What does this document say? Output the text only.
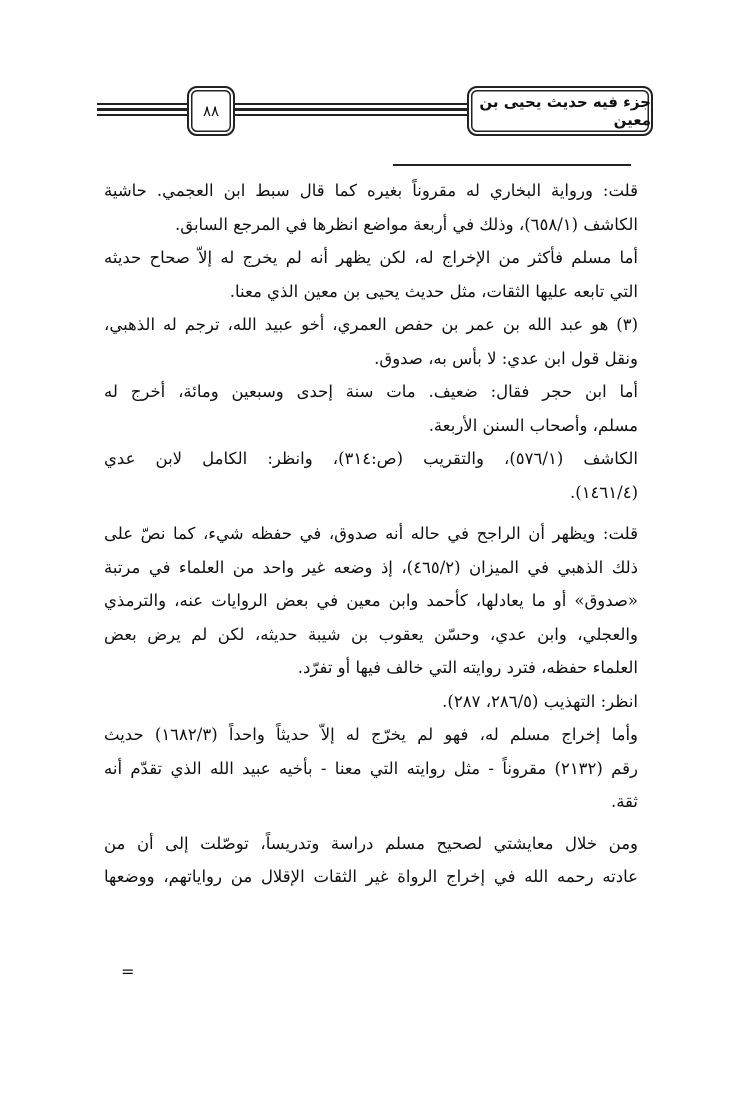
جزء فيه حديث يحيى بن معين
٨٨
قلت: ورواية البخاري له مقروناً بغيره كما قال سبط ابن العجمي. حاشية
الكاشف (٦٥٨/١)، وذلك في أربعة مواضع انظرها في المرجع السابق.
أما مسلم فأكثر من الإخراج له، لكن يظهر أنه لم يخرج له إلاّ صحاح حديثه
التي تابعه عليها الثقات، مثل حديث يحيى بن معين الذي معنا.
(٣) هو عبد الله بن عمر بن حفص العمري، أخو عبيد الله، ترجم له الذهبي،
ونقل قول ابن عدي: لا بأس به، صدوق.
أما ابن حجر فقال: ضعيف. مات سنة إحدى وسبعين ومائة، أخرج له
مسلم، وأصحاب السنن الأربعة.
الكاشف (٥٧٦/١)، والتقريب (ص:٣١٤)، وانظر: الكامل لابن عدي
(١٤٦١/٤).
قلت: ويظهر أن الراجح في حاله أنه صدوق، في حفظه شيء، كما نصّ على
ذلك الذهبي في الميزان (٤٦٥/٢)، إذ وضعه غير واحد من العلماء في مرتبة
«صدوق» أو ما يعادلها، كأحمد وابن معين في بعض الروايات عنه، والترمذي
والعجلي، وابن عدي، وحسّن يعقوب بن شيبة حديثه، لكن لم يرض بعض
العلماء حفظه، فترد روايته التي خالف فيها أو تفرّد.
انظر: التهذيب (٢٨٦/٥، ٢٨٧).
وأما إخراج مسلم له، فهو لم يخرّج له إلاّ حديثاً واحداً (١٦٨٢/٣) حديث
رقم (٢١٣٢) مقروناً - مثل روايته التي معنا - بأخيه عبيد الله الذي تقدّم أنه
ثقة.
ومن خلال معايشتي لصحيح مسلم دراسة وتدريساً، توصّلت إلى أن من
عادته رحمه الله في إخراج الرواة غير الثقات الإقلال من رواياتهم، ووضعها
=
